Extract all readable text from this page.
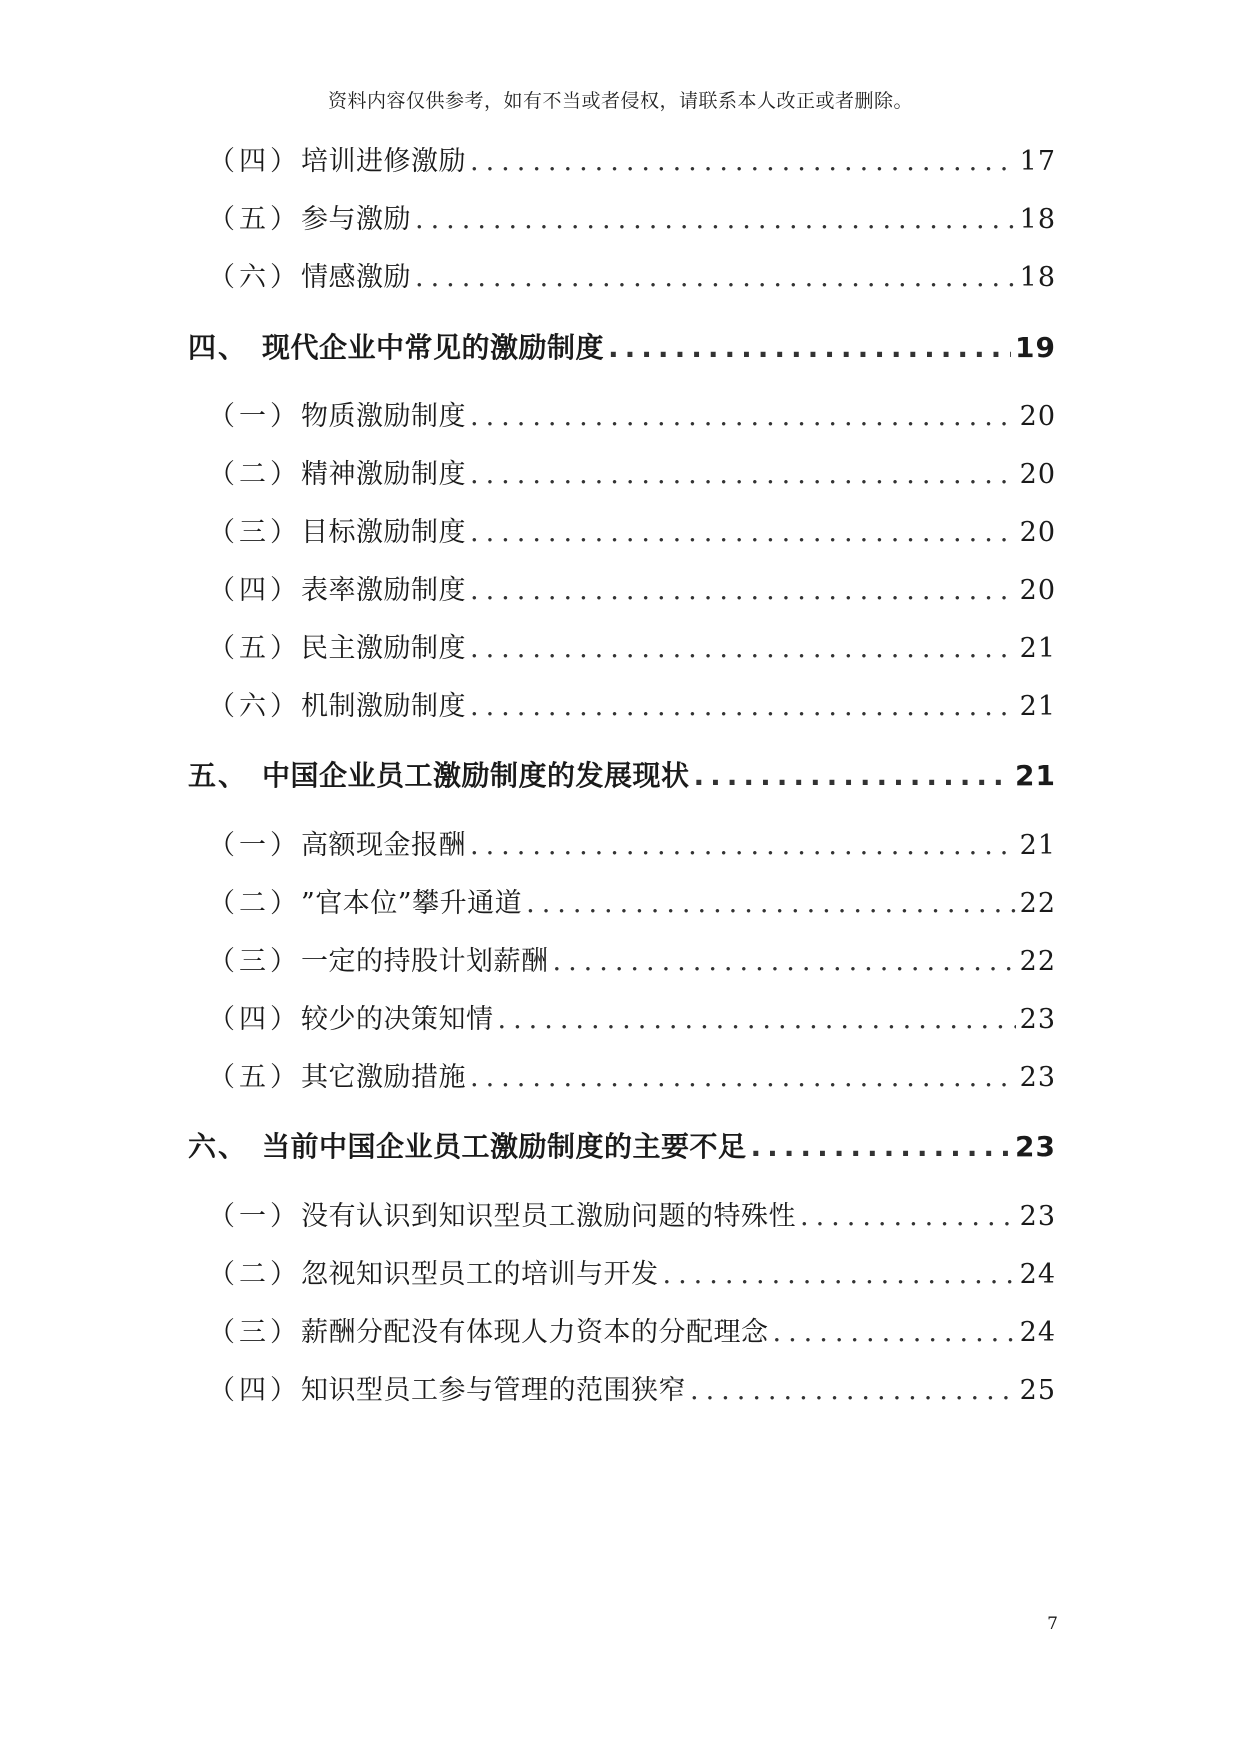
资料内容仅供参考，如有不当或者侵权，请联系本人改正或者删除。
（四） 培训进修激励 .....	17
（五） 参与激励 .....	18
（六） 情感激励 .....	18
四、 现代企业中常见的激励制度 .....	19
（一） 物质激励制度 .....	20
（二） 精神激励制度 .....	20
（三） 目标激励制度 .....	20
（四） 表率激励制度 .....	20
（五） 民主激励制度 .....	21
（六） 机制激励制度 .....	21
五、 中国企业员工激励制度的发展现状 .....	21
（一） 高额现金报酬 .....	21
（二） ”官本位”攀升通道 .....	22
（三） 一定的持股计划薪酬 .....	22
（四） 较少的决策知情 .....	23
（五） 其它激励措施 .....	23
六、 当前中国企业员工激励制度的主要不足 .....	23
（一） 没有认识到知识型员工激励问题的特殊性 .....	23
（二） 忽视知识型员工的培训与开发 .....	24
（三） 薪酬分配没有体现人力资本的分配理念 .....	24
（四） 知识型员工参与管理的范围狭窄 .....	25
7
